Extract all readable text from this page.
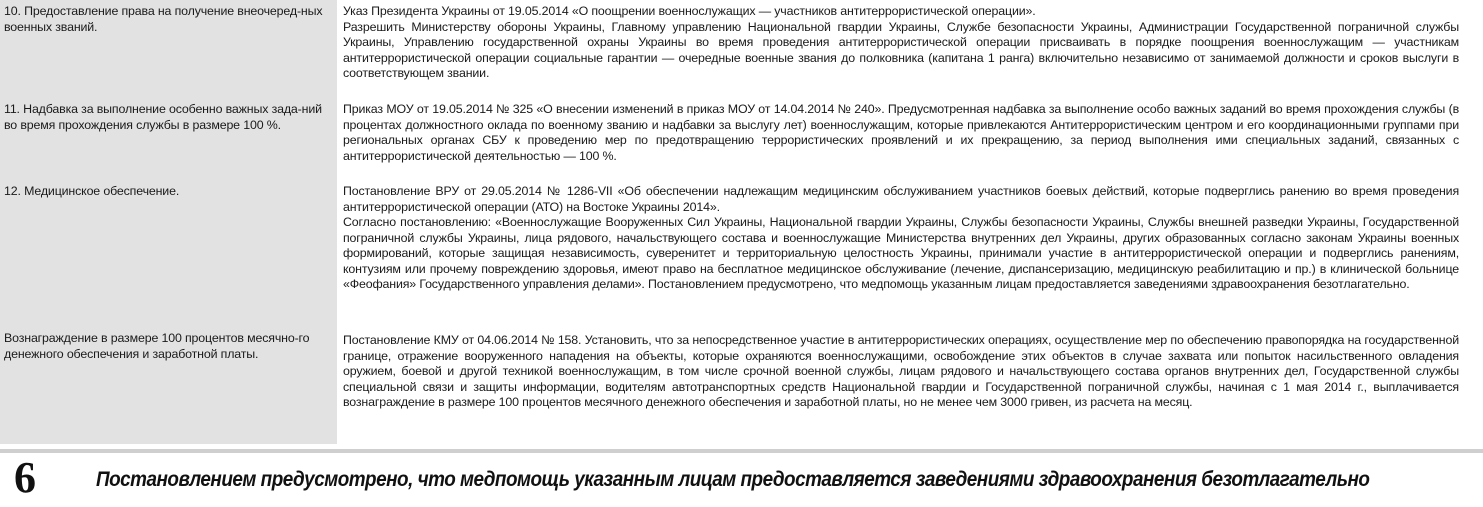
10. Предоставление права на получение внеочеред-ных военных званий.

Указ Президента Украины от 19.05.2014 «О поощрении военнослужащих — участников антитеррористической операции».

Разрешить Министерству обороны Украины, Главному управлению Национальной гвардии Украины, Службе безопасности Украины, Администрации Государственной пограничной службы Украины, Управлению государственной охраны Украины во время проведения антитеррористической операции присваивать в порядке поощрения военнослужащим — участникам антитеррористической операции социальные гарантии — очередные военные звания до полковника (капитана 1 ранга) включительно независимо от занимаемой должности и сроков выслуги в соответствующем звании.

11. Надбавка за выполнение особенно важных зада-ний во время прохождения службы в размере 100 %.

Приказ МОУ от 19.05.2014 № 325 «О внесении изменений в приказ МОУ от 14.04.2014 № 240». Предусмотренная надбавка за выполнение особо важных заданий во время прохождения службы (в процентах должностного оклада по военному званию и надбавки за выслугу лет) военнослужащим, которые привлекаются Антитеррористическим центром и его координационными группами при региональных органах СБУ к проведению мер по предотвращению террористических проявлений и их прекращению, за период выполнения ими специальных заданий, связанных с антитеррористической деятельностью — 100 %.

12. Медицинское обеспечение.	Постановление ВРУ от 29.05.2014 № 1286-VII «Об обеспечении надлежащим медицинским обслуживанием участников боевых действий, которые подверглись ранению во время проведения антитеррористической операции (АТО) на Востоке Украины 2014».

Согласно постановлению: «Военнослужащие Вооруженных Сил Украины, Национальной гвардии Украины, Службы безопасности Украины, Службы внешней разведки Украины, Государственной пограничной службы Украины, лица рядового, начальствующего состава и военнослужащие Министерства внутренних дел Украины, других образованных согласно законам Украины военных формирований, которые защищая независимость, суверенитет и территориальную целостность Украины, принимали участие в антитеррористической операции и подверглись ранениям, контузиям или прочему повреждению здоровья, имеют право на бесплатное медицинское обслуживание (лечение, диспансеризацию, медицинскую реабилитацию и пр.) в клинической больнице «Феофания» Государственного управления делами». Постановлением предусмотрено, что медпомощь указанным лицам предоставляется заведениями здравоохранения безотлагательно.

Вознаграждение в размере 100 процентов месячно-го денежного обеспечения и заработной платы.

Постановление КМУ от 04.06.2014 № 158. Установить, что за непосредственное участие в антитеррористических операциях, осуществление мер по обеспечению правопорядка на государственной границе, отражение вооруженного нападения на объекты, которые охраняются военнослужащими, освобождение этих объектов в случае захвата или попыток насильственного овладения оружием, боевой и другой техникой военнослужащим, в том числе срочной военной службы, лицам рядового и начальствующего состава органов внутренних дел, Государственной службы специальной связи и защиты информации, водителям автотранспортных средств Национальной гвардии и Государственной пограничной службы, начиная с 1 мая 2014 г., выплачивается вознаграждение в размере 100 процентов месячного денежного обеспечения и заработной платы, но не менее чем 3000 гривен, из расчета на месяц.

6	Постановлением предусмотрено, что медпомощь указанным лицам предоставляется заведениями здравоохранения безотлагательно
